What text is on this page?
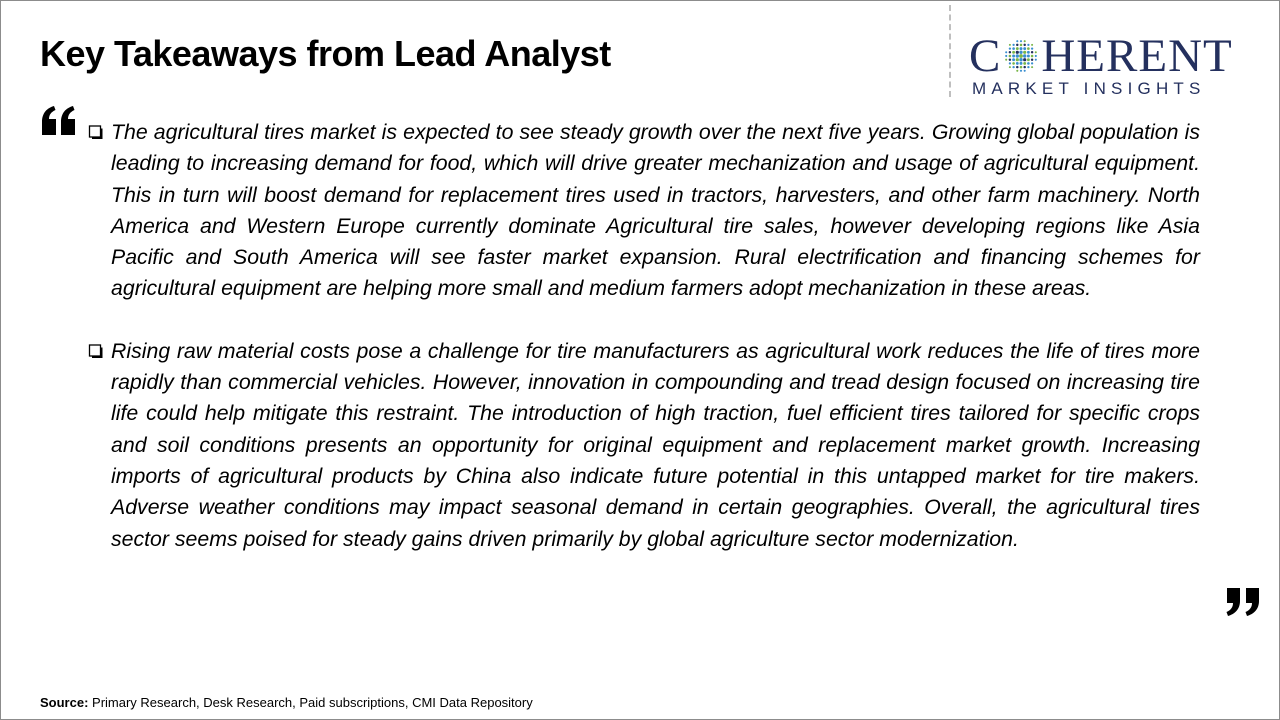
Key Takeaways from Lead Analyst	C HERENT
MARKET INSIGHTS

The agricultural tires market is expected to see steady growth over the next five years. Growing global population is leading to increasing demand for food, which will drive greater mechanization and usage of agricultural equipment. This in turn will boost demand for replacement tires used in tractors, harvesters, and other farm machinery. North America and Western Europe currently dominate Agricultural tire sales, however developing regions like Asia Pacific and South America will see faster market expansion. Rural electrification and financing schemes for agricultural equipment are helping more small and medium farmers adopt mechanization in these areas.

Rising raw material costs pose a challenge for tire manufacturers as agricultural work reduces the life of tires more rapidly than commercial vehicles. However, innovation in compounding and tread design focused on increasing tire life could help mitigate this restraint. The introduction of high traction, fuel efficient tires tailored for specific crops and soil conditions presents an opportunity for original equipment and replacement market growth. Increasing imports of agricultural products by China also indicate future potential in this untapped market for tire makers. Adverse weather conditions may impact seasonal demand in certain geographies. Overall, the agricultural tires sector seems poised for steady gains driven primarily by global agriculture sector modernization.

Source: Primary Research, Desk Research, Paid subscriptions, CMI Data Repository
